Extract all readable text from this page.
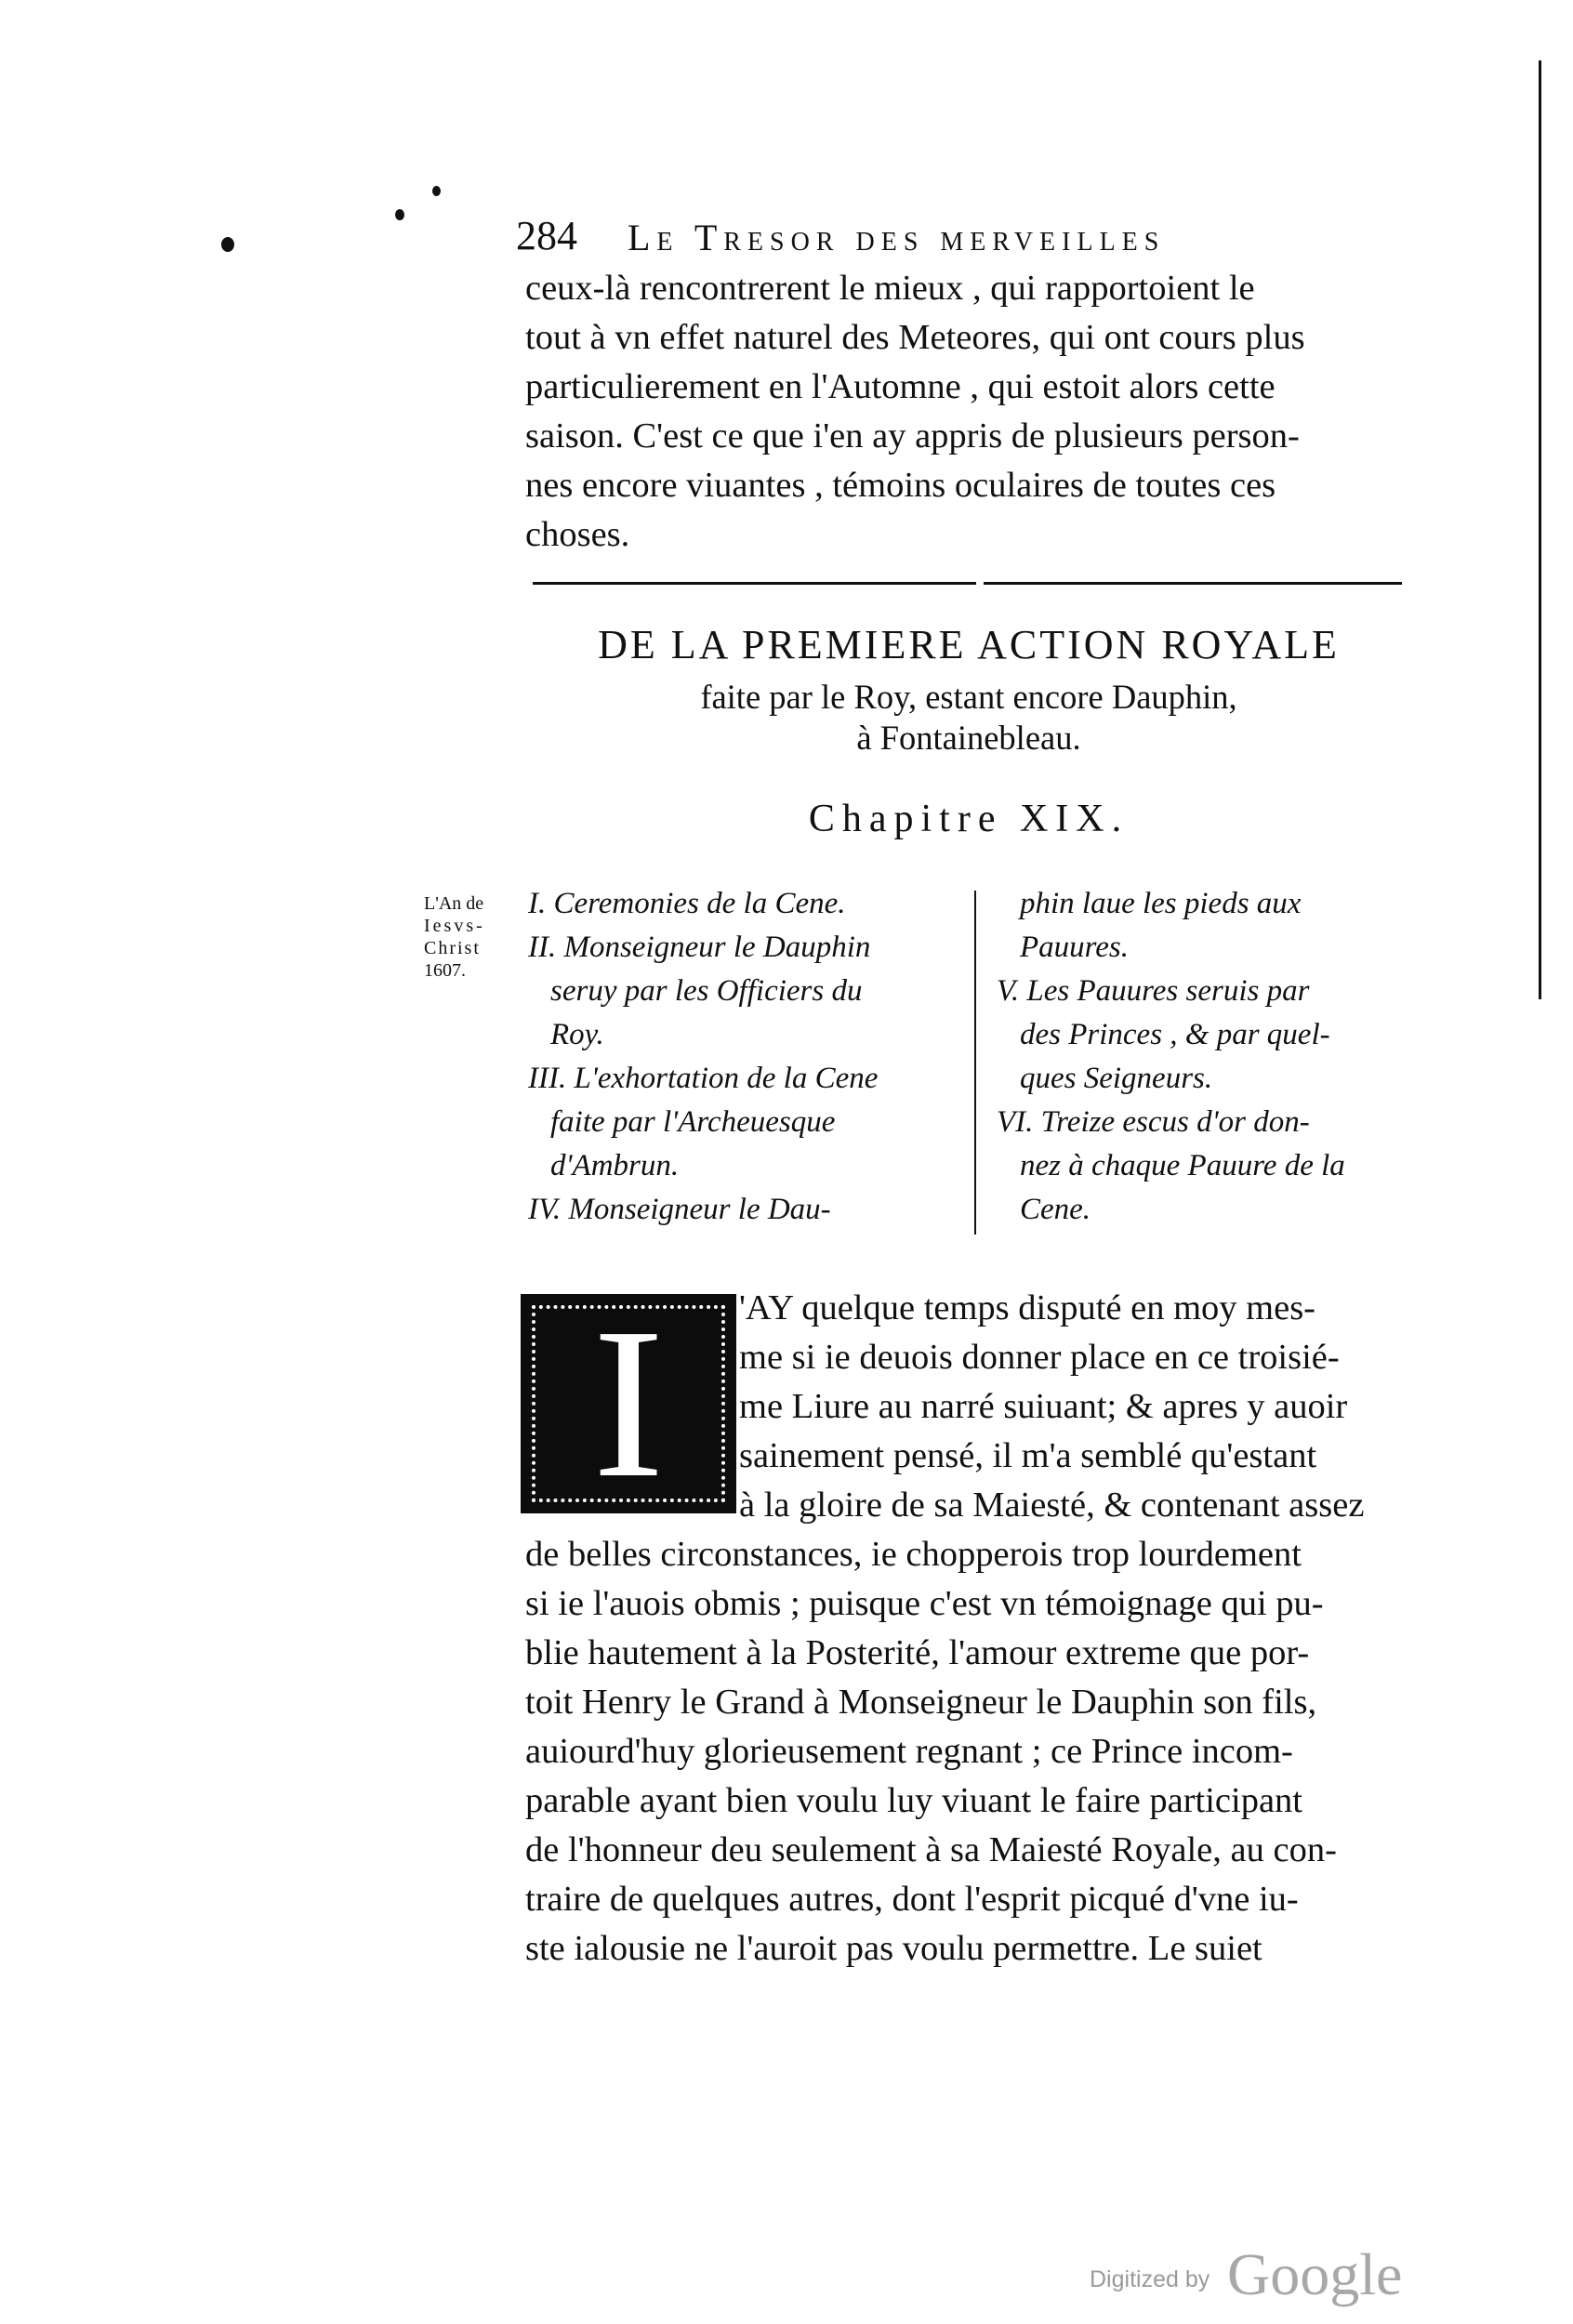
284 Le Tresor des merveilles
ceux-là rencontrerent le mieux , qui rapportoient le
tout à vn effet naturel des Meteores, qui ont cours plus
particulierement en l'Automne , qui estoit alors cette
saison. C'est ce que i'en ay appris de plusieurs person-
nes encore viuantes , témoins oculaires de toutes ces
choses.
DE LA PREMIERE ACTION ROYALE
faite par le Roy, estant encore Dauphin,
à Fontainebleau.
Chapitre XIX.
L'An de
Iesvs-
Christ
1607.
I. Ceremonies de la Cene.
II. Monseigneur le Dauphin
seruy par les Officiers du
Roy.
III. L'exhortation de la Cene
faite par l'Archeuesque
d'Ambrun.
IV. Monseigneur le Dau-
phin laue les pieds aux
Pauures.
V. Les Pauures seruis par
des Princes , & par quel-
ques Seigneurs.
VI. Treize escus d'or don-
nez à chaque Pauure de la
Cene.
I	'AY quelque temps disputé en moy mes-
me si ie deuois donner place en ce troisié-
me Liure au narré suiuant; & apres y auoir
sainement pensé, il m'a semblé qu'estant
à la gloire de sa Maiesté, & contenant assez
de belles circonstances, ie chopperois trop lourdement
si ie l'auois obmis ; puisque c'est vn témoignage qui pu-
blie hautement à la Posterité, l'amour extreme que por-
toit Henry le Grand à Monseigneur le Dauphin son fils,
auiourd'huy glorieusement regnant ; ce Prince incom-
parable ayant bien voulu luy viuant le faire participant
de l'honneur deu seulement à sa Maiesté Royale, au con-
traire de quelques autres, dont l'esprit picqué d'vne iu-
ste ialousie ne l'auroit pas voulu permettre. Le suiet
Digitized by Google
